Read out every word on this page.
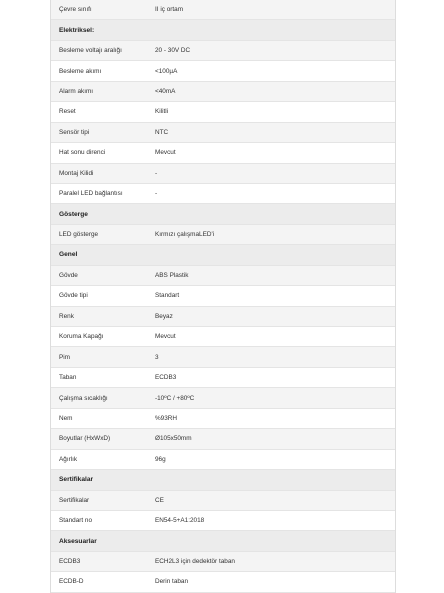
Çevre sınıfı	II iç ortam
Elektriksel:
Besleme voltajı aralığı	20 - 30V DC
Besleme akımı	<100µA
Alarm akımı	<40mA
Reset	Kilitli
Sensör tipi	NTC
Hat sonu direnci	Mevcut
Montaj Kilidi	-
Paralel LED bağlantısı	-
Gösterge
LED gösterge	Kırmızı çalışmaLED'i
Genel
Gövde	ABS Plastik
Gövde tipi	Standart
Renk	Beyaz
Koruma Kapağı	Mevcut
Pim	3
Taban	ECDB3
Çalışma sıcaklığı	-10ºC / +80ºC
Nem	%93RH
Boyutlar (HxWxD)	Ø105x50mm
Ağırlık	96g
Sertifikalar
Sertifikalar	CE
Standart no	EN54-5+A1:2018
Aksesuarlar
ECDB3	ECH2L3 için dedektör taban
ECDB-D	Derin taban
